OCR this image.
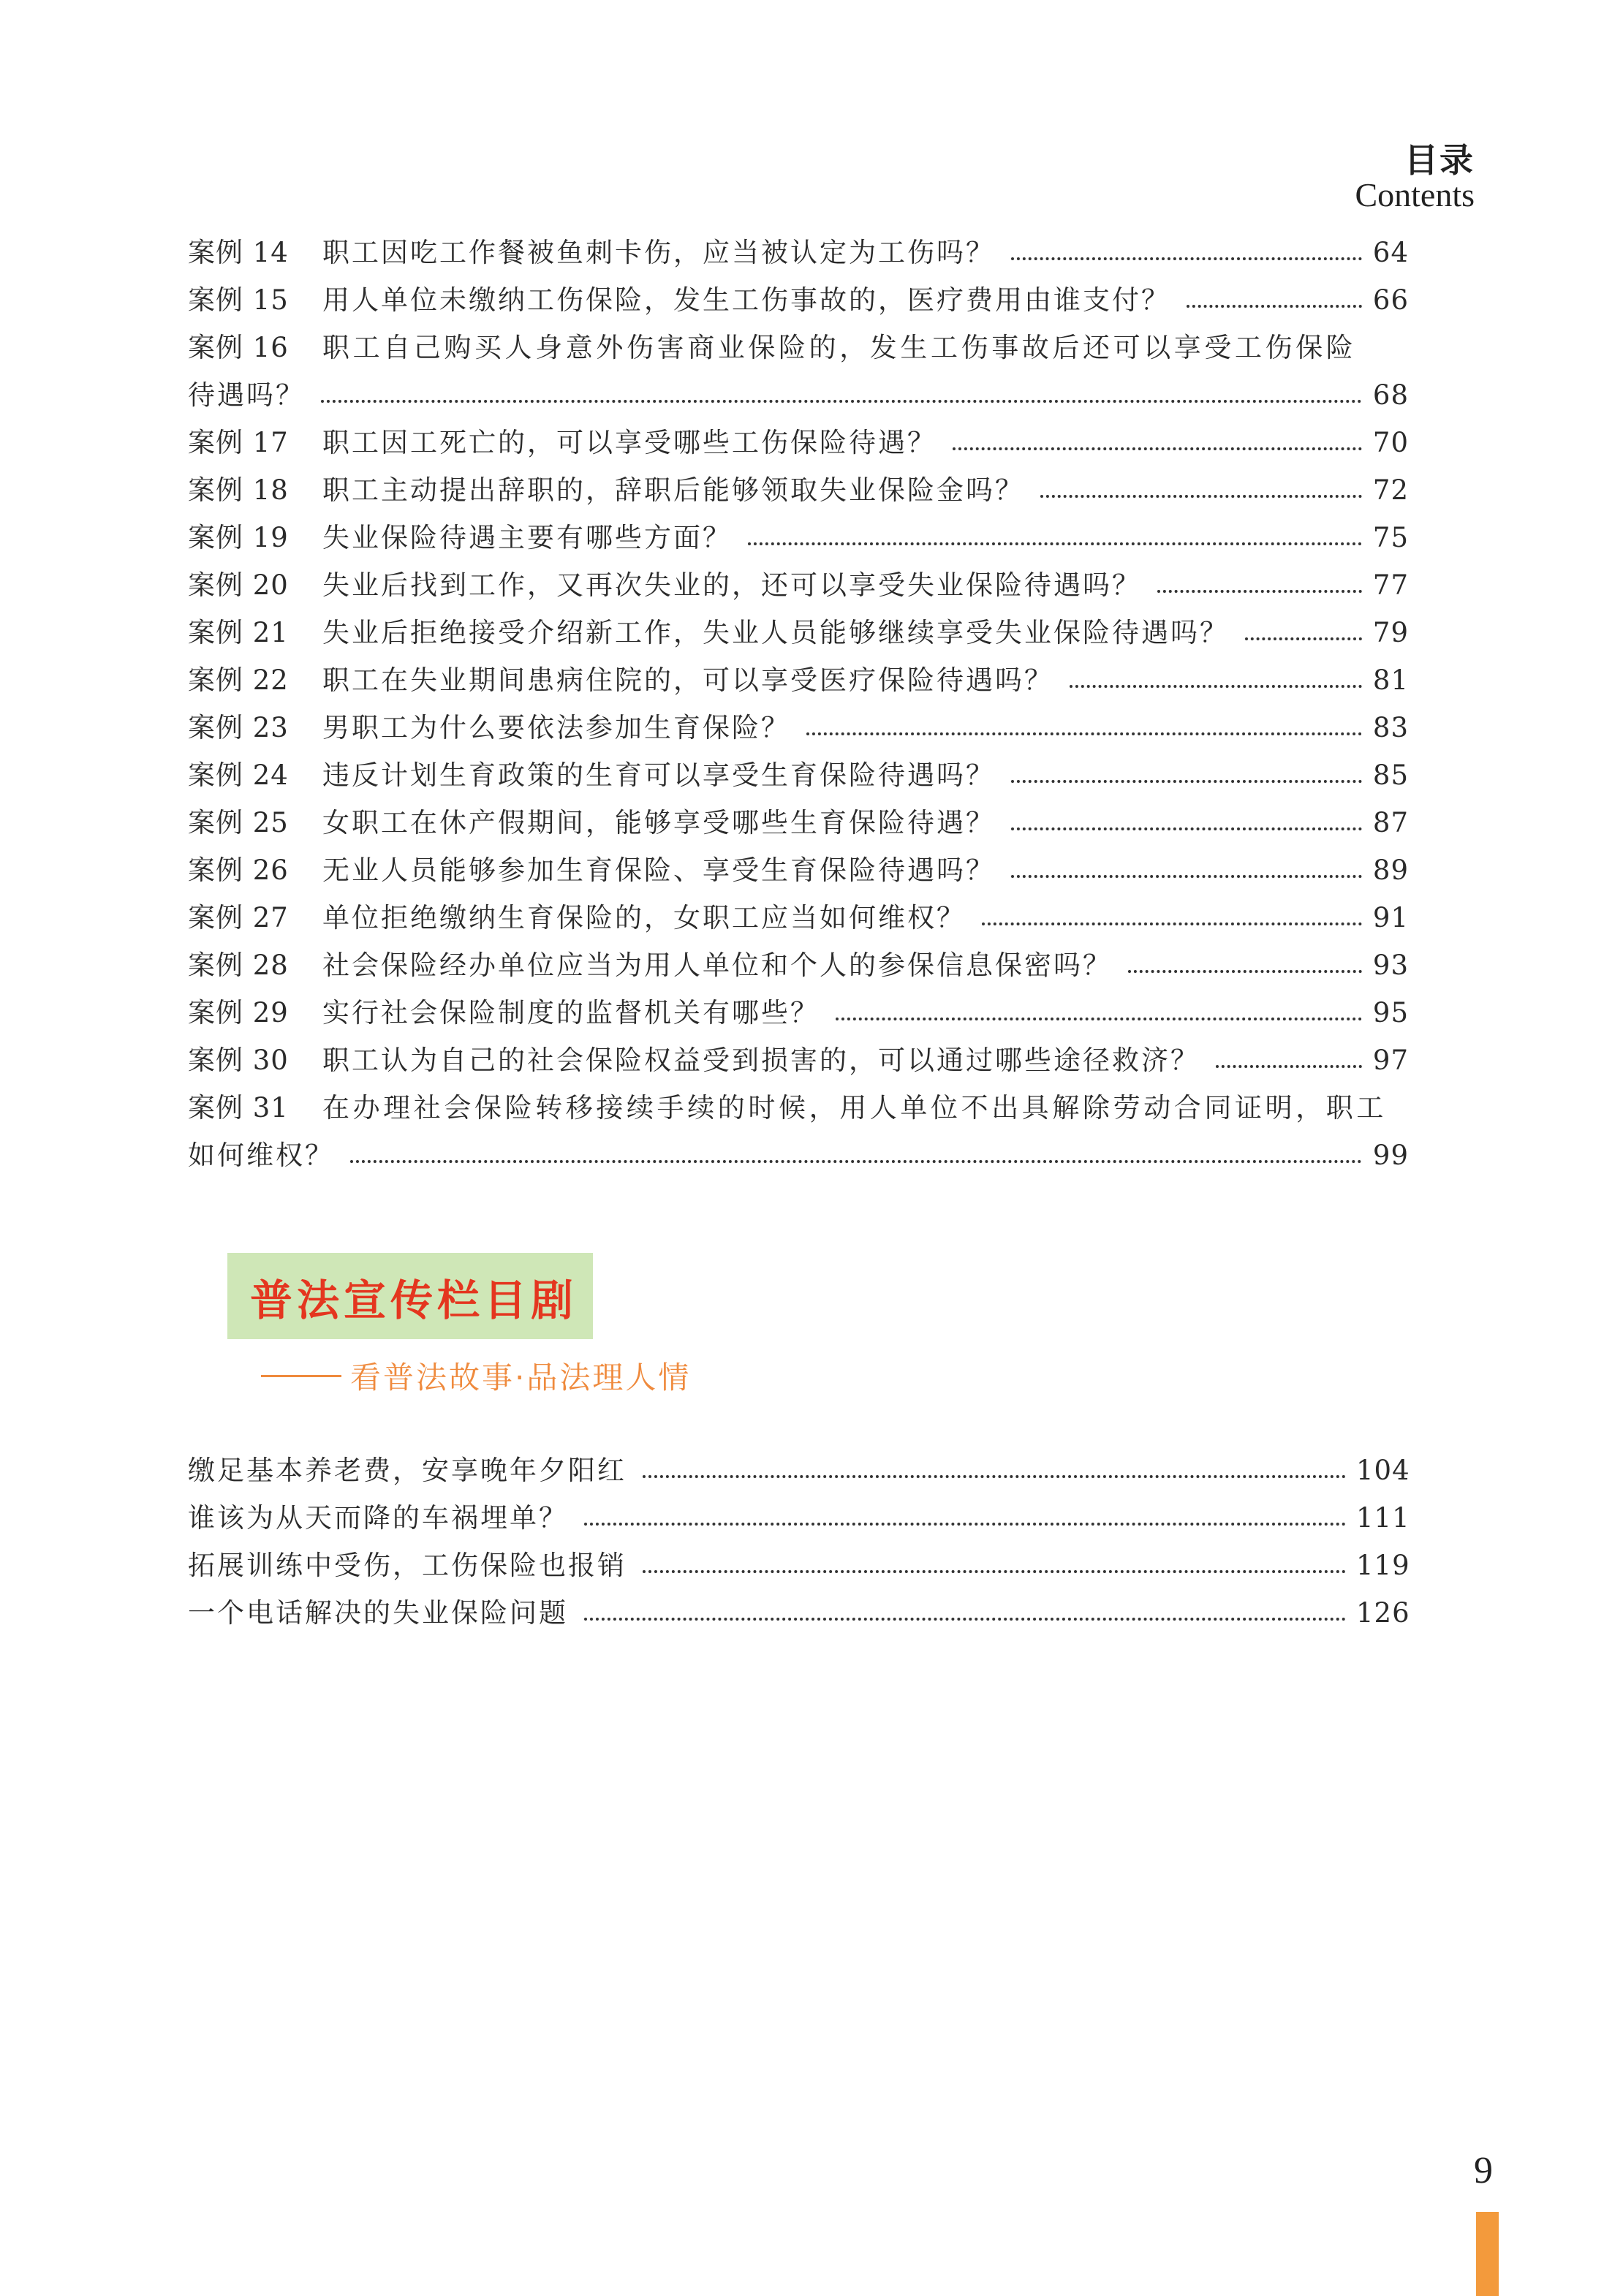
目录
Contents
案例 14	职工因吃工作餐被鱼刺卡伤，应当被认定为工伤吗？	64
案例 15	用人单位未缴纳工伤保险，发生工伤事故的，医疗费用由谁支付？	66
案例 16	职工自己购买人身意外伤害商业保险的，发生工伤事故后还可以享受工伤保险
待遇吗？	68
案例 17	职工因工死亡的，可以享受哪些工伤保险待遇？	70
案例 18	职工主动提出辞职的，辞职后能够领取失业保险金吗？	72
案例 19	失业保险待遇主要有哪些方面？	75
案例 20	失业后找到工作，又再次失业的，还可以享受失业保险待遇吗？	77
案例 21	失业后拒绝接受介绍新工作，失业人员能够继续享受失业保险待遇吗？	79
案例 22	职工在失业期间患病住院的，可以享受医疗保险待遇吗？	81
案例 23	男职工为什么要依法参加生育保险？	83
案例 24	违反计划生育政策的生育可以享受生育保险待遇吗？	85
案例 25	女职工在休产假期间，能够享受哪些生育保险待遇？	87
案例 26	无业人员能够参加生育保险、享受生育保险待遇吗？	89
案例 27	单位拒绝缴纳生育保险的，女职工应当如何维权？	91
案例 28	社会保险经办单位应当为用人单位和个人的参保信息保密吗？	93
案例 29	实行社会保险制度的监督机关有哪些？	95
案例 30	职工认为自己的社会保险权益受到损害的，可以通过哪些途径救济？	97
案例 31	在办理社会保险转移接续手续的时候，用人单位不出具解除劳动合同证明，职工
如何维权？	99
普法宣传栏目剧
看普法故事·品法理人情
缴足基本养老费，安享晚年夕阳红	104
谁该为从天而降的车祸埋单？	111
拓展训练中受伤，工伤保险也报销	119
一个电话解决的失业保险问题	126
9
